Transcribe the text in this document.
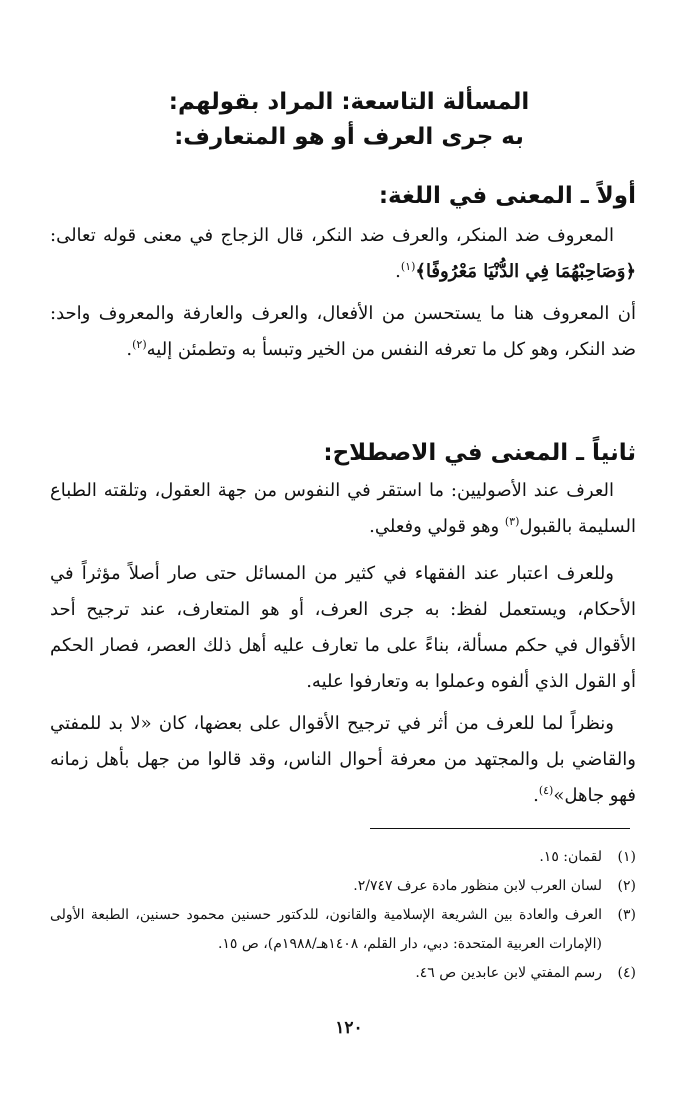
المسألة التاسعة: المراد بقولهم:
به جرى العرف أو هو المتعارف:
أولاً ـ المعنى في اللغة:

المعروف ضد المنكر، والعرف ضد النكر، قال الزجاج في معنى قوله تعالى: ﴿وَصَاحِبْهُمَا فِي الدُّنْيَا مَعْرُوفًا﴾$^{(١)}$.

أن المعروف هنا ما يستحسن من الأفعال، والعرف والعارفة والمعروف واحد: ضد النكر، وهو كل ما تعرفه النفس من الخير وتبسأ به وتطمئن إليه$^{(٢)}$.

ثانياً ـ المعنى في الاصطلاح:

العرف عند الأصوليين: ما استقر في النفوس من جهة العقول، وتلقته الطباع السليمة بالقبول$^{(٣)}$ وهو قولي وفعلي.

وللعرف اعتبار عند الفقهاء في كثير من المسائل حتى صار أصلاً مؤثراً في الأحكام، ويستعمل لفظ: به جرى العرف، أو هو المتعارف، عند ترجيح أحد الأقوال في حكم مسألة، بناءً على ما تعارف عليه أهل ذلك العصر، فصار الحكم أو القول الذي ألفوه وعملوا به وتعارفوا عليه.

ونظراً لما للعرف من أثر في ترجيح الأقوال على بعضها، كان «لا بد للمفتي والقاضي بل والمجتهد من معرفة أحوال الناس، وقد قالوا من جهل بأهل زمانه فهو جاهل»$^{(٤)}$.

(١)
لقمان: ١٥.
(٢)
لسان العرب لابن منظور مادة عرف ٢/٧٤٧.
(٣)
العرف والعادة بين الشريعة الإسلامية والقانون، للدكتور حسنين محمود حسنين، الطبعة الأولى (الإمارات العربية المتحدة: دبي، دار القلم، ١٤٠٨هـ/١٩٨٨م)، ص ١٥.
(٤)
رسم المفتي لابن عابدين ص ٤٦.
١٢٠
